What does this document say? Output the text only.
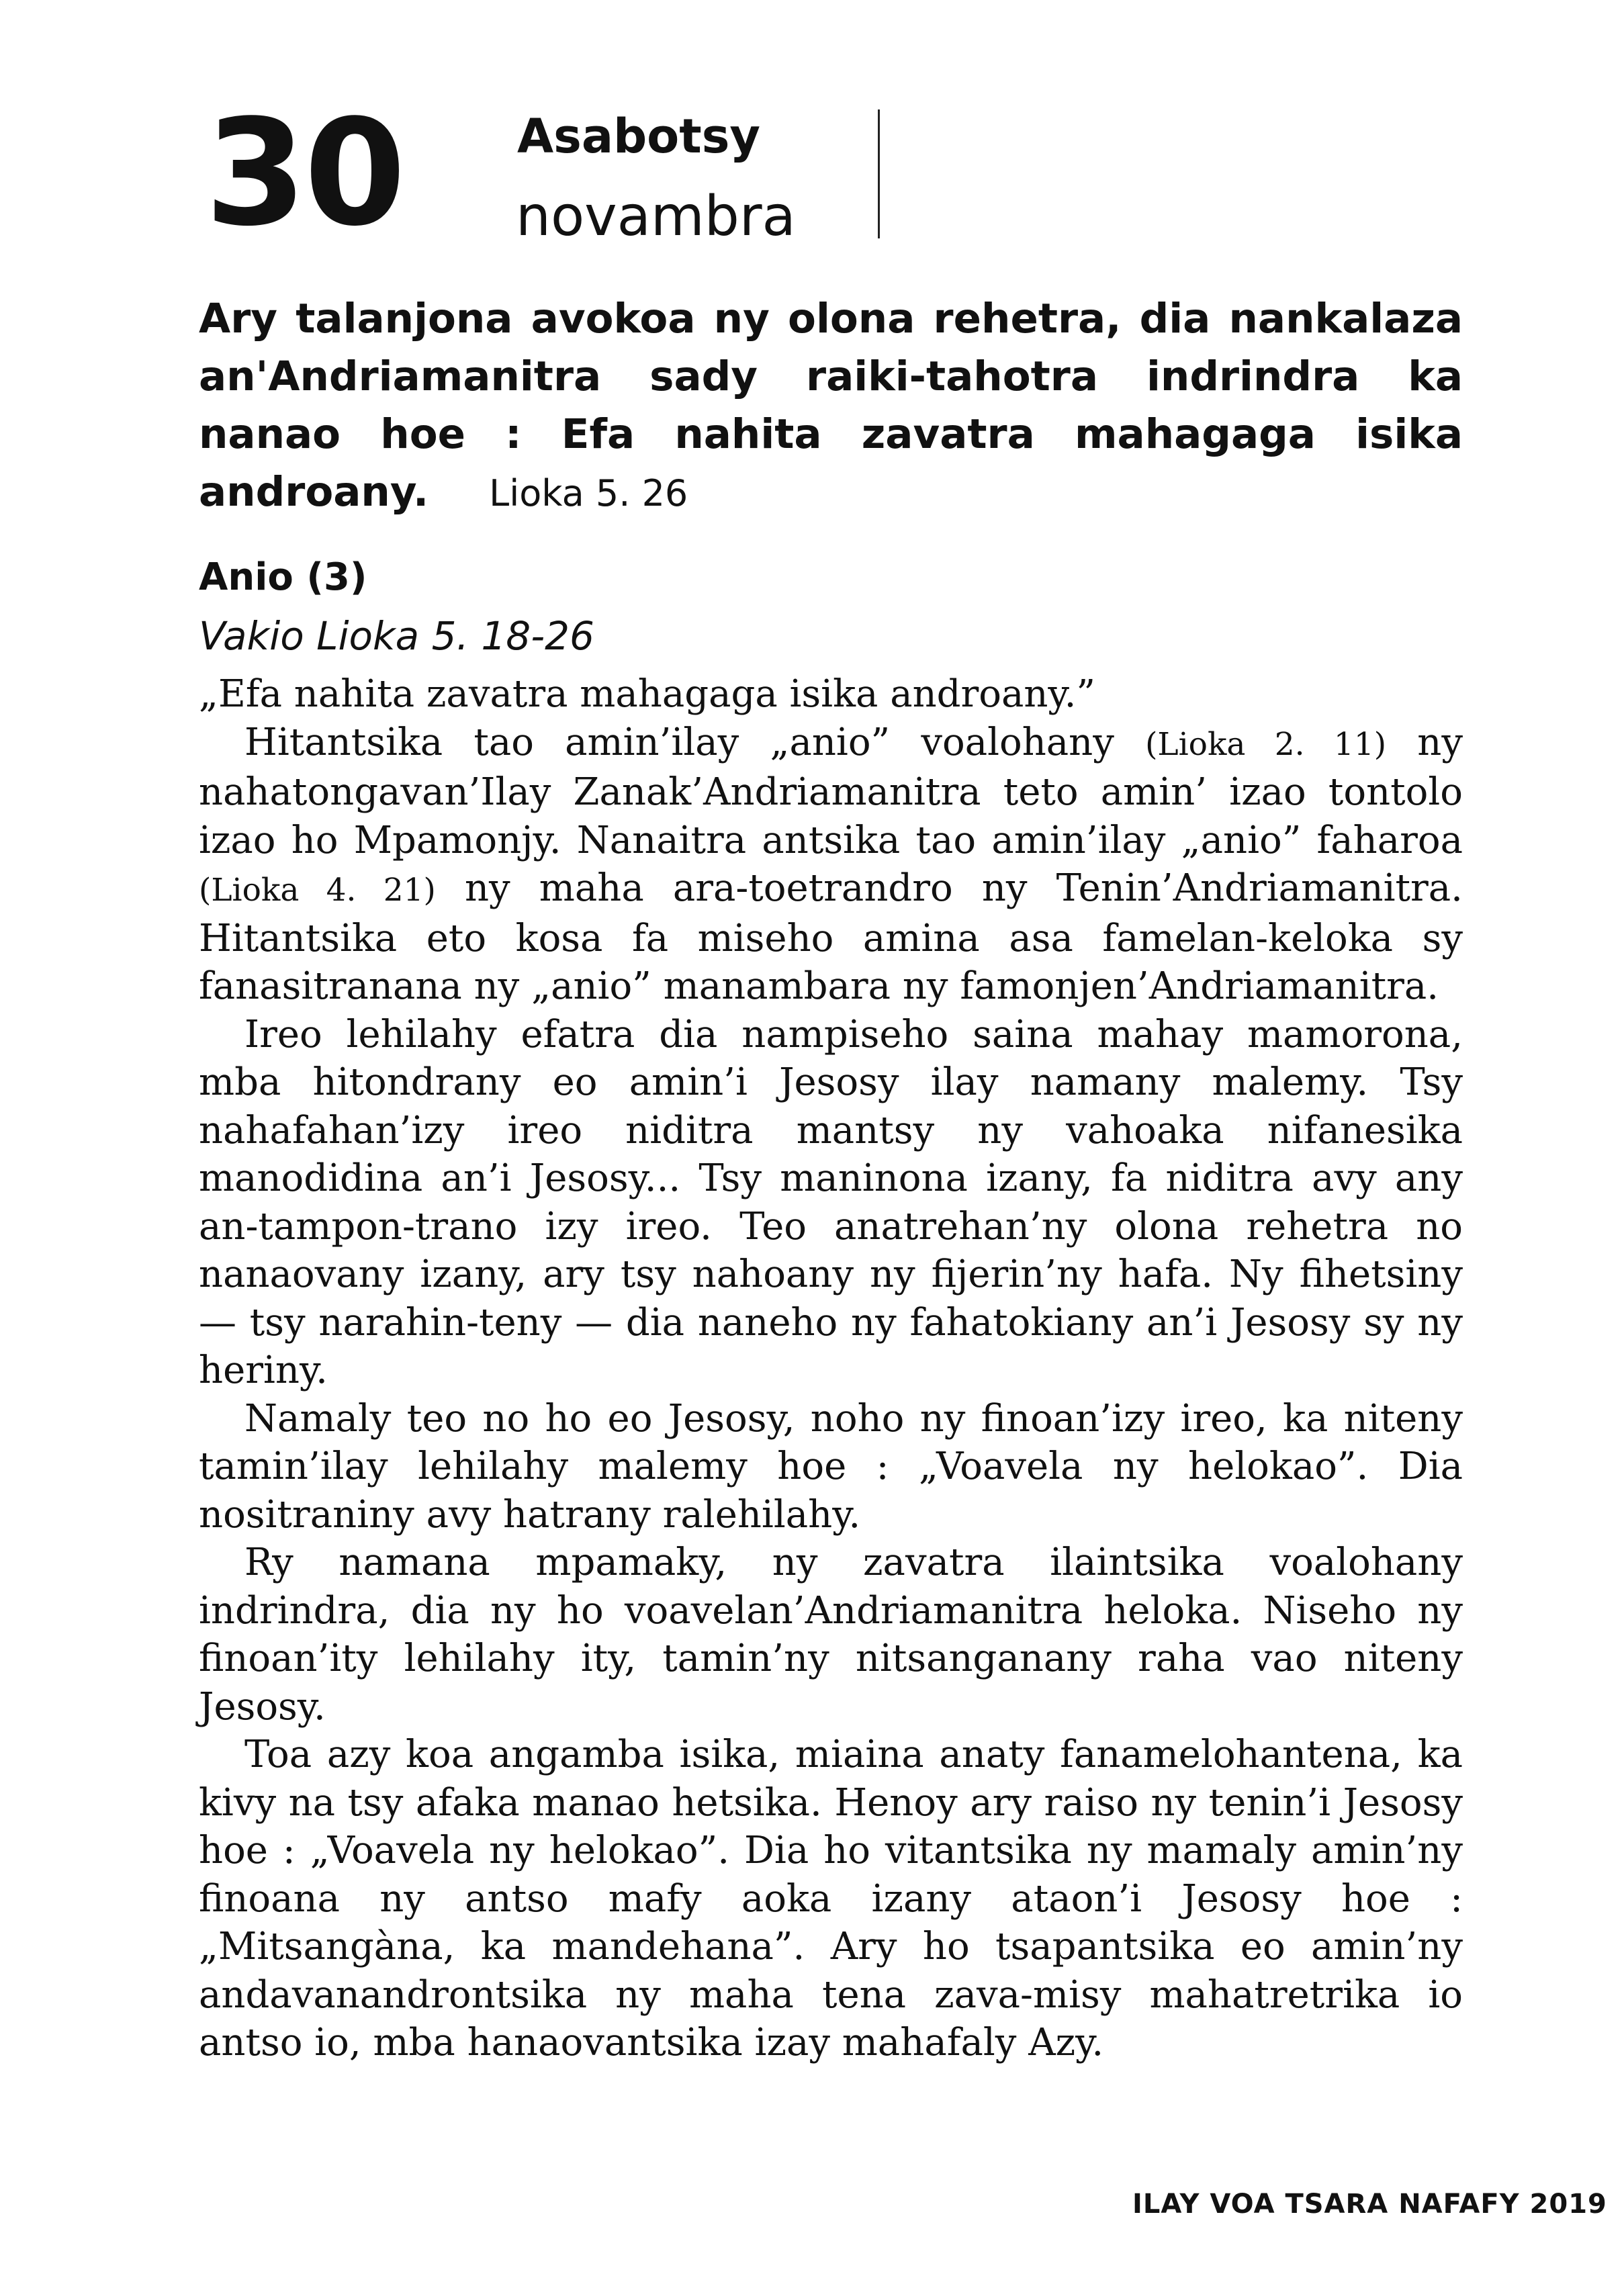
30 Asabotsy
novambra

Ary talanjona avokoa ny olona rehetra, dia nankalaza an'Andriamanitra sady raiki-tahotra indrindra ka nanao hoe : Efa nahita zavatra mahagaga isika androany. Lioka 5. 26

Anio (3)
Vakio Lioka 5. 18-26

„Efa nahita zavatra mahagaga isika androany.”

Hitantsika tao amin’ilay „anio” voalohany (Lioka 2. 11) ny nahatongavan’Ilay Zanak’Andriamanitra teto amin’ izao tontolo izao ho Mpamonjy. Nanaitra antsika tao amin’ilay „anio” faharoa (Lioka 4. 21) ny maha ara-toetrandro ny Tenin’Andriamanitra. Hitantsika eto kosa fa miseho amina asa famelan-keloka sy fanasitranana ny „anio” manambara ny famonjen’Andriamanitra.

Ireo lehilahy efatra dia nampiseho saina mahay mamorona, mba hitondrany eo amin’i Jesosy ilay namany malemy. Tsy nahafahan’izy ireo niditra mantsy ny vahoaka nifanesika manodidina an’i Jesosy... Tsy maninona izany, fa niditra avy any an-tampon-trano izy ireo. Teo anatrehan’ny olona rehetra no nanaovany izany, ary tsy nahoany ny fijerin’ny hafa. Ny fihetsiny — tsy narahin-teny — dia naneho ny fahatokiany an’i Jesosy sy ny heriny.

Namaly teo no ho eo Jesosy, noho ny finoan’izy ireo, ka niteny tamin’ilay lehilahy malemy hoe : „Voavela ny helokao”. Dia nositraniny avy hatrany ralehilahy.

Ry namana mpamaky, ny zavatra ilaintsika voalohany indrindra, dia ny ho voavelan’Andriamanitra heloka. Niseho ny finoan’ity lehilahy ity, tamin’ny nitsanganany raha vao niteny Jesosy.

Toa azy koa angamba isika, miaina anaty fanamelohantena, ka kivy na tsy afaka manao hetsika. Henoy ary raiso ny tenin’i Jesosy hoe : „Voavela ny helokao”. Dia ho vitantsika ny mamaly amin’ny finoana ny antso mafy aoka izany ataon’i Jesosy hoe : „Mitsangàna, ka mandehana”. Ary ho tsapantsika eo amin’ny andavanandrontsika ny maha tena zava-misy mahatretrika io antso io, mba hanaovantsika izay mahafaly Azy.

ILAY VOA TSARA NAFAFY 2019
